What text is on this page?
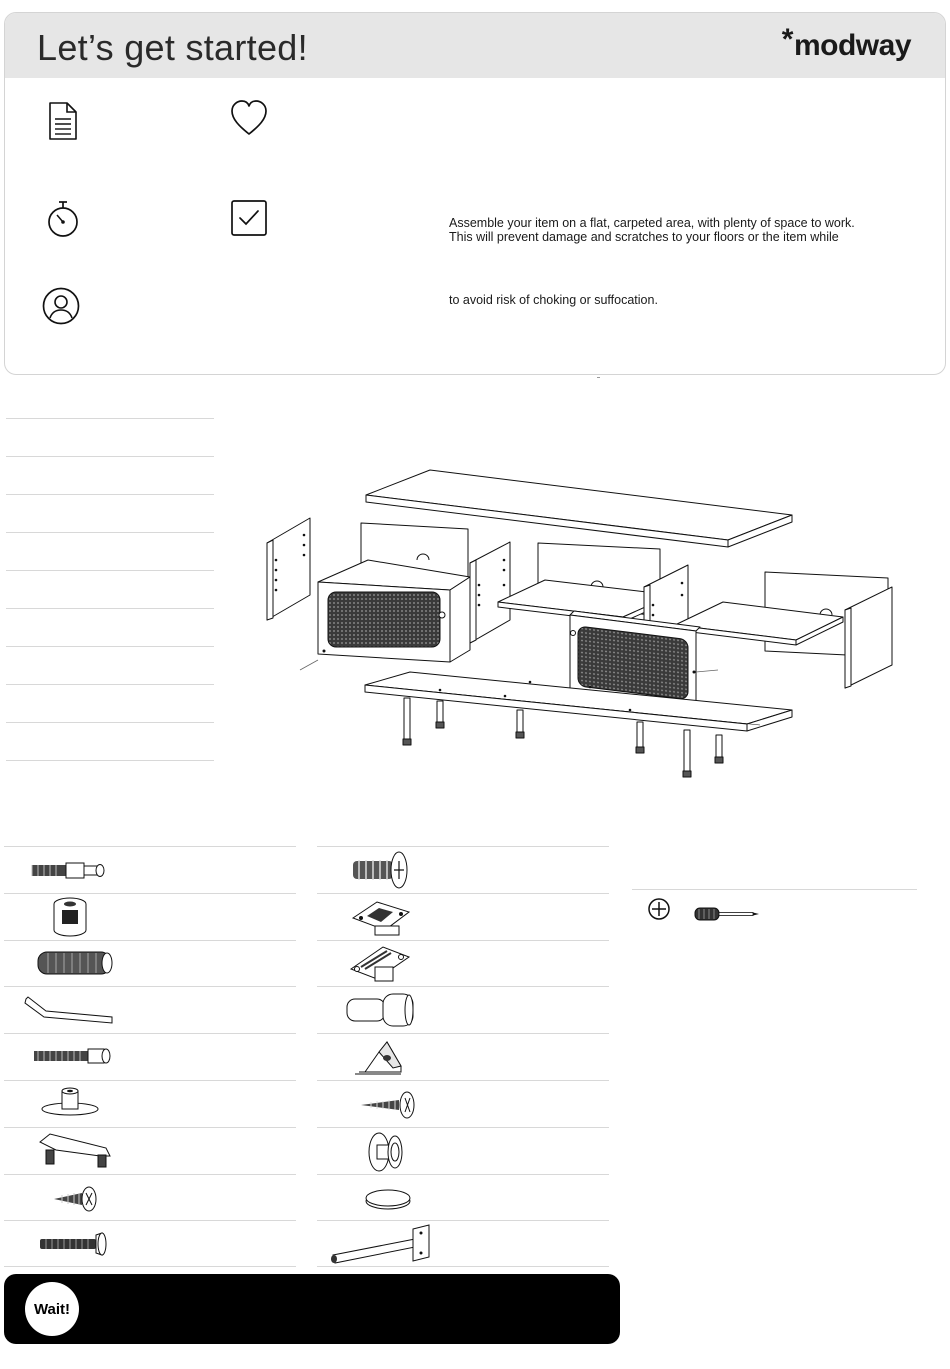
Let’s get started!	*modway

Assemble your item on a flat, carpeted area, with plenty of space to work.

This will prevent damage and scratches to your floors or the item while

to avoid risk of choking or suffocation.

Wait!
